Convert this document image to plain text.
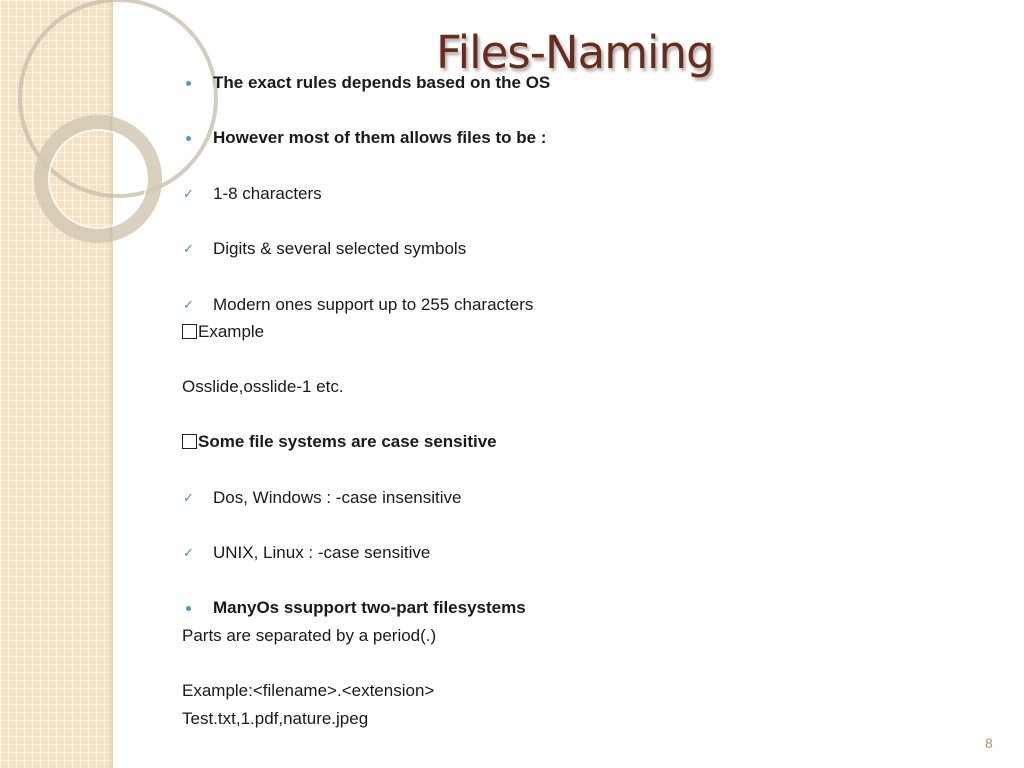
Files-Naming
The exact rules depends based on the OS
However most of them allows files to be :
✓ 1-8 characters
✓ Digits & several selected symbols
✓ Modern ones support up to 255 characters
Example
Osslide,osslide-1 etc.
Some file systems are case sensitive
✓ Dos, Windows : -case insensitive
✓ UNIX, Linux : -case sensitive
ManyOs ssupport two-part filesystems
Parts are separated by a period(.)
Example:<filename>.<extension>
Test.txt,1.pdf,nature.jpeg
8
